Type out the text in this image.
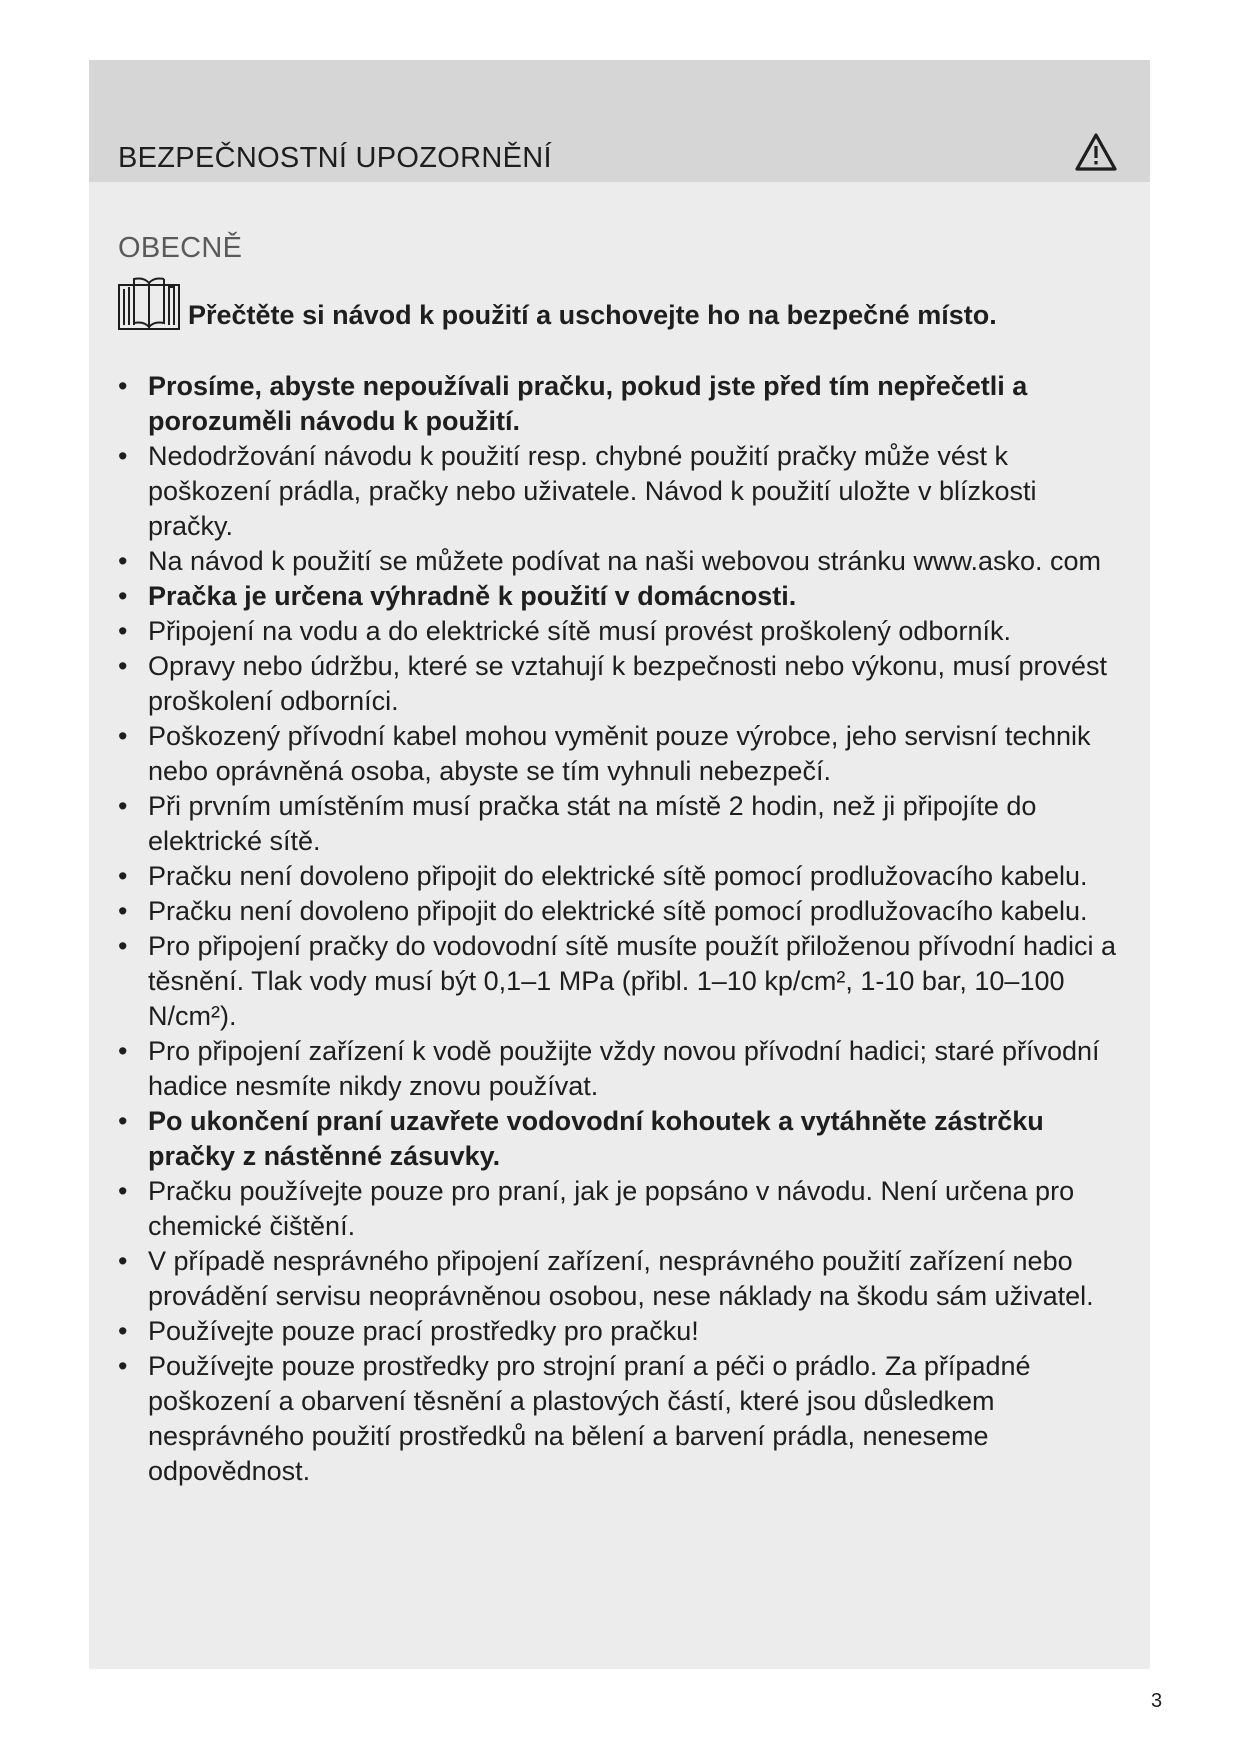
BEZPEČNOSTNÍ UPOZORNĚNÍ
OBECNĚ
Přečtěte si návod k použití a uschovejte ho na bezpečné místo.
• Prosíme, abyste nepoužívali pračku, pokud jste před tím nepřečetli a porozuměli návodu k použití.
• Nedodržování návodu k použití resp. chybné použití pračky může vést k poškození prádla, pračky nebo uživatele. Návod k použití uložte v blízkosti pračky.
• Na návod k použití se můžete podívat na naši webovou stránku www.asko. com
• Pračka je určena výhradně k použití v domácnosti.
• Připojení na vodu a do elektrické sítě musí provést proškolený odborník.
• Opravy nebo údržbu, které se vztahují k bezpečnosti nebo výkonu, musí provést proškolení odborníci.
• Poškozený přívodní kabel mohou vyměnit pouze výrobce, jeho servisní technik nebo oprávněná osoba, abyste se tím vyhnuli nebezpečí.
• Při prvním umístěním musí pračka stát na místě 2 hodin, než ji připojíte do elektrické sítě.
• Pračku není dovoleno připojit do elektrické sítě pomocí prodlužovacího kabelu.
• Pračku není dovoleno připojit do elektrické sítě pomocí prodlužovacího kabelu.
• Pro připojení pračky do vodovodní sítě musíte použít přiloženou přívodní hadici a těsnění. Tlak vody musí být 0,1–1 MPa (přibl. 1–10 kp/cm², 1-10 bar, 10–100 N/cm²).
• Pro připojení zařízení k vodě použijte vždy novou přívodní hadici; staré přívodní hadice nesmíte nikdy znovu používat.
• Po ukončení praní uzavřete vodovodní kohoutek a vytáhněte zástrčku pračky z nástěnné zásuvky.
• Pračku používejte pouze pro praní, jak je popsáno v návodu. Není určena pro chemické čištění.
• V případě nesprávného připojení zařízení, nesprávného použití zařízení nebo provádění servisu neoprávněnou osobou, nese náklady na škodu sám uživatel.
• Používejte pouze prací prostředky pro pračku!
• Používejte pouze prostředky pro strojní praní a péči o prádlo. Za případné poškození a obarvení těsnění a plastových částí, které jsou důsledkem nesprávného použití prostředků na bělení a barvení prádla, neneseme odpovědnost.
3
